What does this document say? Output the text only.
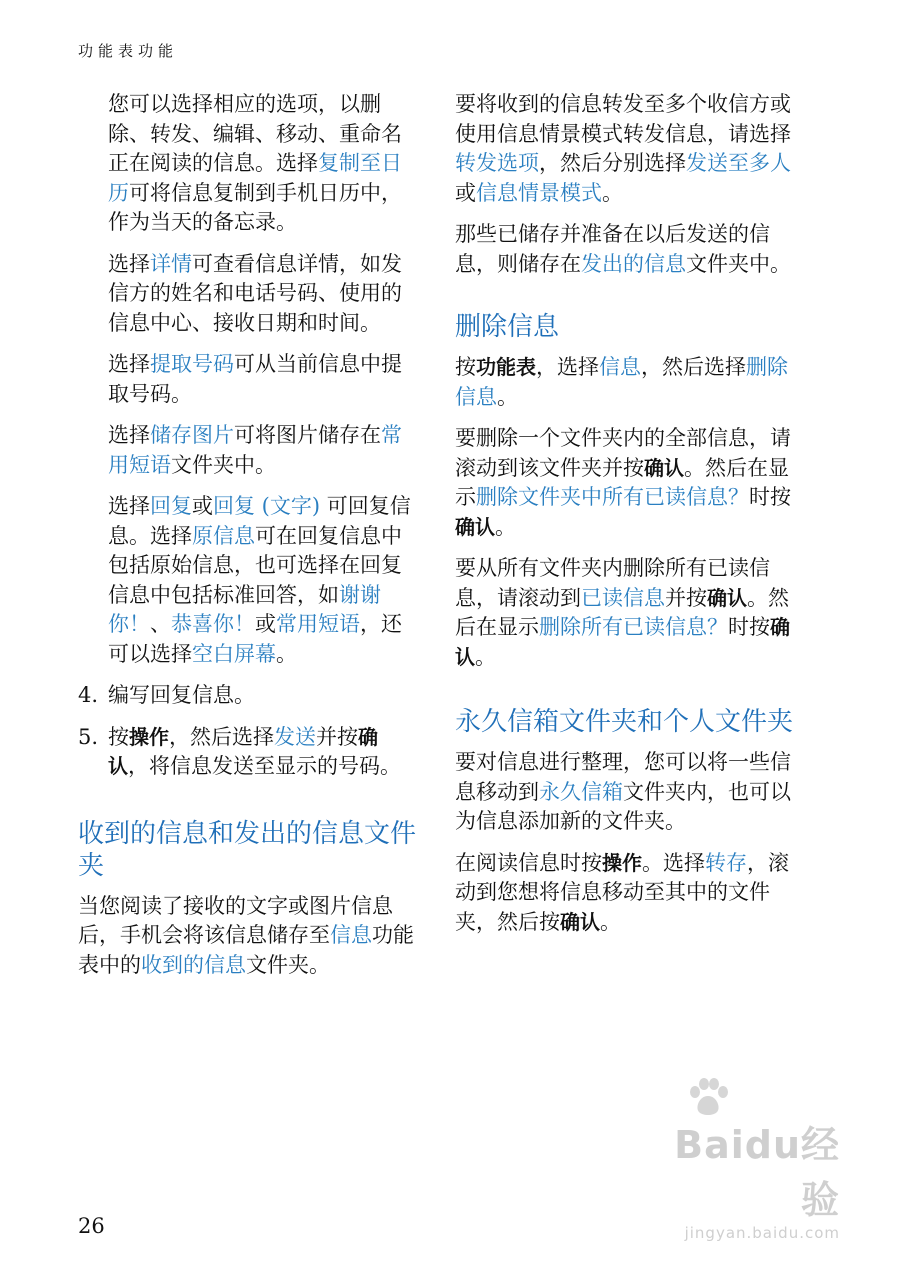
功能表功能

您可以选择相应的选项，以删除、转发、编辑、移动、重命名正在阅读的信息。选择复制至日历可将信息复制到手机日历中，作为当天的备忘录。

选择详情可查看信息详情，如发信方的姓名和电话号码、使用的信息中心、接收日期和时间。

选择提取号码可从当前信息中提取号码。

选择储存图片可将图片储存在常用短语文件夹中。

选择回复或回复 (文字) 可回复信息。选择原信息可在回复信息中包括原始信息，也可选择在回复信息中包括标准回答，如谢谢你！、恭喜你！或常用短语，还可以选择空白屏幕。

4. 编写回复信息。

5. 按操作，然后选择发送并按确认，将信息发送至显示的号码。

收到的信息和发出的信息文件夹

当您阅读了接收的文字或图片信息后，手机会将该信息储存至信息功能表中的收到的信息文件夹。

要将收到的信息转发至多个收信方或使用信息情景模式转发信息，请选择转发选项，然后分别选择发送至多人或信息情景模式。

那些已储存并准备在以后发送的信息，则储存在发出的信息文件夹中。

删除信息

按功能表，选择信息，然后选择删除信息。

要删除一个文件夹内的全部信息，请滚动到该文件夹并按确认。然后在显示删除文件夹中所有已读信息？时按确认。

要从所有文件夹内删除所有已读信息，请滚动到已读信息并按确认。然后在显示删除所有已读信息？时按确认。

永久信箱文件夹和个人文件夹

要对信息进行整理，您可以将一些信息移动到永久信箱文件夹内，也可以为信息添加新的文件夹。

在阅读信息时按操作。选择转存，滚动到您想将信息移动至其中的文件夹，然后按确认。

26
Baidu经验
jingyan.baidu.com
